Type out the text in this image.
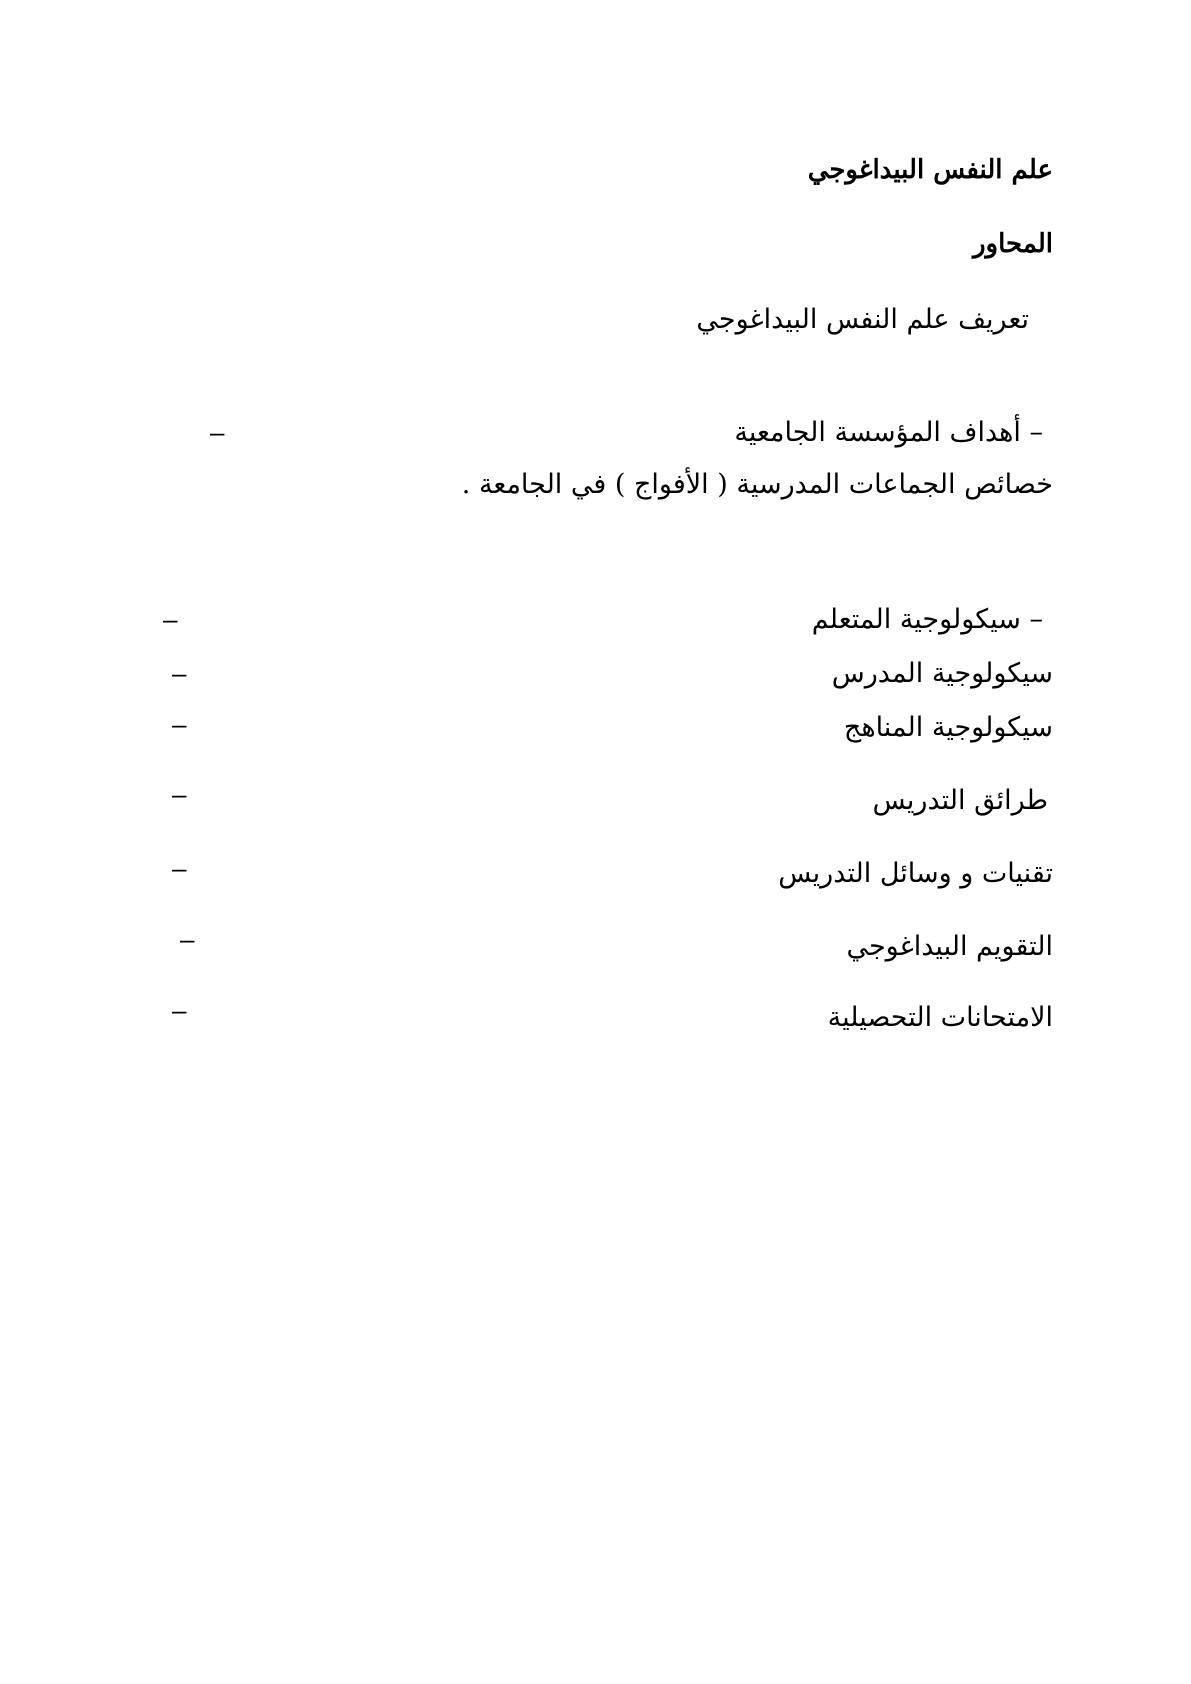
علم النفس البيداغوجي
المحاور
تعريف علم النفس البيداغوجي
– أهداف المؤسسة الجامعية
–
خصائص الجماعات المدرسية ( الأفواج ) في الجامعة .
– سيكولوجية المتعلم
–
سيكولوجية المدرس
–
سيكولوجية المناهج
–
طرائق التدريس
–
تقنيات و وسائل التدريس
–
التقويم البيداغوجي
–
الامتحانات التحصيلية
–
